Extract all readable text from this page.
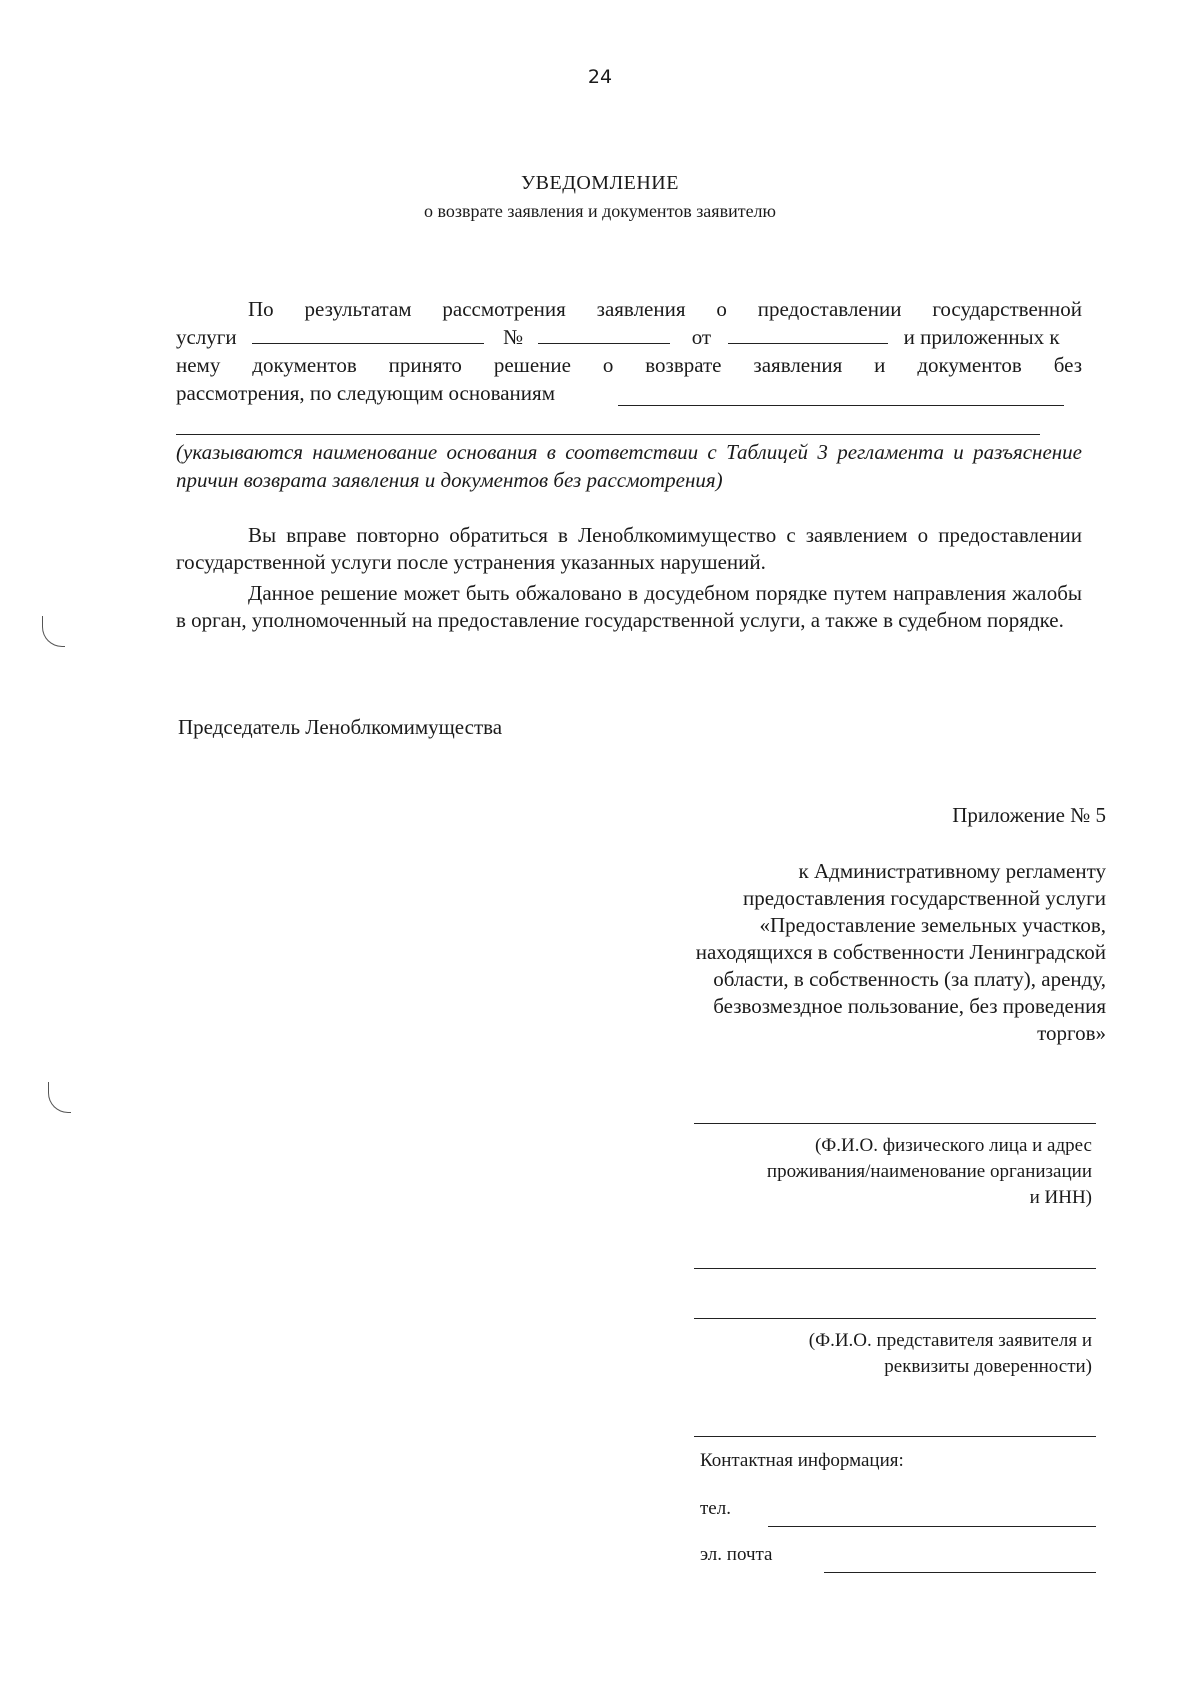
24
УВЕДОМЛЕНИЕ
о возврате заявления и документов заявителю
По результатам рассмотрения заявления о предоставлении государственной
услуги	№	от	и приложенных к
нему документов принято решение о возврате заявления и документов без
рассмотрения, по следующим основаниям
(указываются наименование основания в соответствии с Таблицей 3 регламента и разъяснение причин возврата заявления и документов без рассмотрения)
Вы вправе повторно обратиться в Леноблкомимущество с заявлением о предоставлении государственной услуги после устранения указанных нарушений.
Данное решение может быть обжаловано в досудебном порядке путем направления жалобы в орган, уполномоченный на предоставление государственной услуги, а также в судебном порядке.
Председатель Леноблкомимущества
Приложение № 5
к Административному регламенту
предоставления государственной услуги
«Предоставление земельных участков,
находящихся в собственности Ленинградской
области, в собственность (за плату), аренду,
безвозмездное пользование, без проведения
торгов»
(Ф.И.О. физического лица и адрес
проживания/наименование организации
и ИНН)
(Ф.И.О. представителя заявителя и
реквизиты доверенности)
Контактная информация:
тел.
эл. почта
